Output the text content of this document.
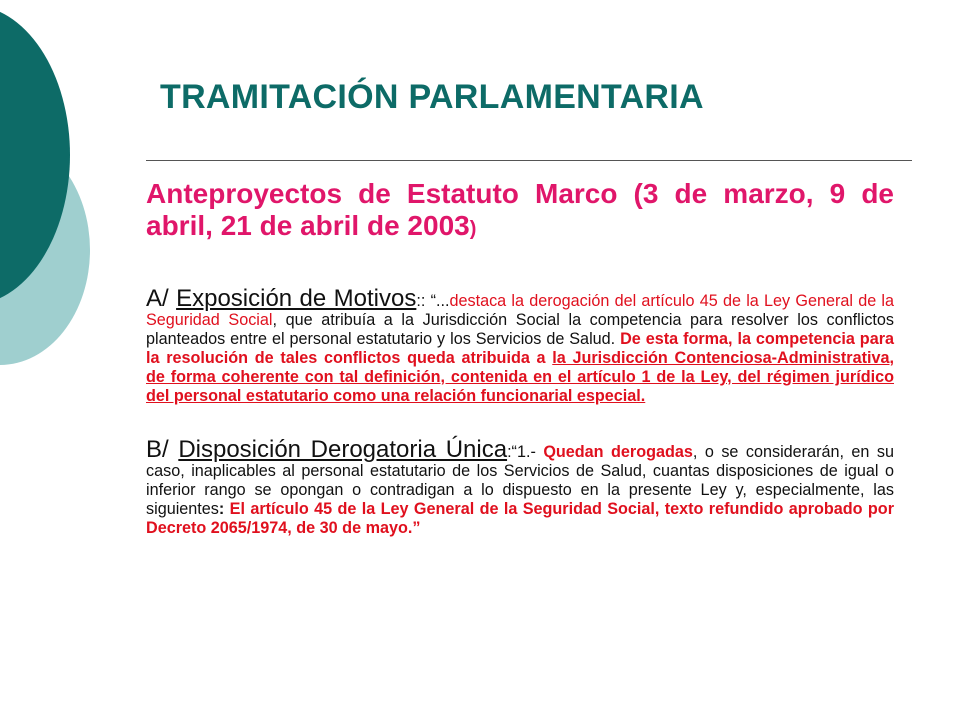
TRAMITACIÓN PARLAMENTARIA

Anteproyectos de Estatuto Marco (3 de marzo, 9 de abril, 21 de abril de 2003)

A/ Exposición de Motivos:: “...destaca la derogación del artículo 45 de la Ley General de la Seguridad Social, que atribuía a la Jurisdicción Social la competencia para resolver los conflictos planteados entre el personal estatutario y los Servicios de Salud. De esta forma, la competencia para la resolución de tales conflictos queda atribuida a la Jurisdicción Contenciosa-Administrativa, de forma coherente con tal definición, contenida en el artículo 1 de la Ley, del régimen jurídico del personal estatutario como una relación funcionarial especial.

B/ Disposición Derogatoria Única:“1.- Quedan derogadas, o se considerarán, en su caso, inaplicables al personal estatutario de los Servicios de Salud, cuantas disposiciones de igual o inferior rango se opongan o contradigan a lo dispuesto en la presente Ley y, especialmente, las siguientes: El artículo 45 de la Ley General de la Seguridad Social, texto refundido aprobado por Decreto 2065/1974, de 30 de mayo.”
